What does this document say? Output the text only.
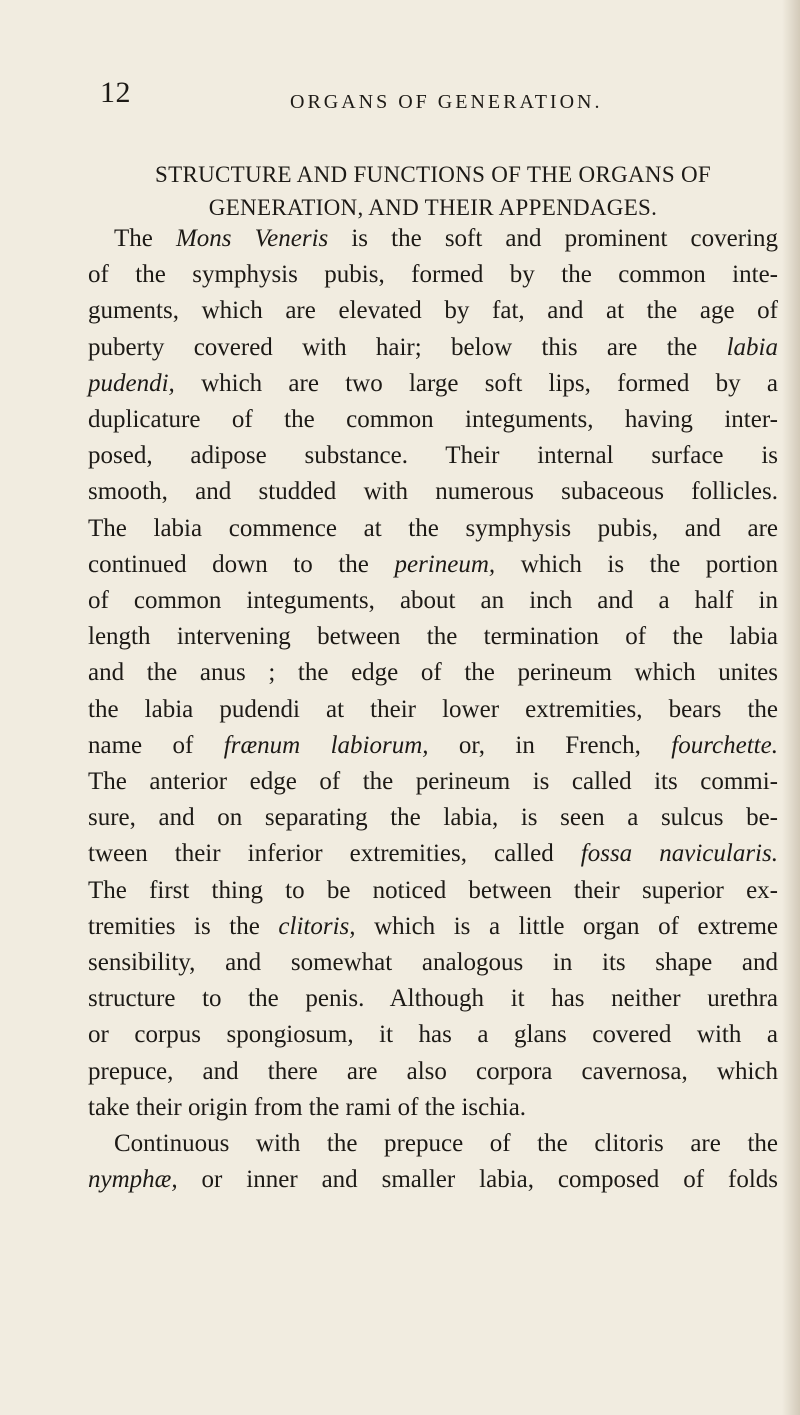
12	ORGANS OF GENERATION.
STRUCTURE AND FUNCTIONS OF THE ORGANS OF
GENERATION, AND THEIR APPENDAGES.
The Mons Veneris is the soft and prominent covering
of the symphysis pubis, formed by the common inte-
guments, which are elevated by fat, and at the age of
puberty covered with hair; below this are the labia
pudendi, which are two large soft lips, formed by a
duplicature of the common integuments, having inter-
posed, adipose substance. Their internal surface is
smooth, and studded with numerous subaceous follicles.
The labia commence at the symphysis pubis, and are
continued down to the perineum, which is the portion
of common integuments, about an inch and a half in
length intervening between the termination of the labia
and the anus ; the edge of the perineum which unites
the labia pudendi at their lower extremities, bears the
name of frænum labiorum, or, in French, fourchette.
The anterior edge of the perineum is called its commi-
sure, and on separating the labia, is seen a sulcus be-
tween their inferior extremities, called fossa navicularis.
The first thing to be noticed between their superior ex-
tremities is the clitoris, which is a little organ of extreme
sensibility, and somewhat analogous in its shape and
structure to the penis. Although it has neither urethra
or corpus spongiosum, it has a glans covered with a
prepuce, and there are also corpora cavernosa, which
take their origin from the rami of the ischia.
Continuous with the prepuce of the clitoris are the
nymphæ, or inner and smaller labia, composed of folds
